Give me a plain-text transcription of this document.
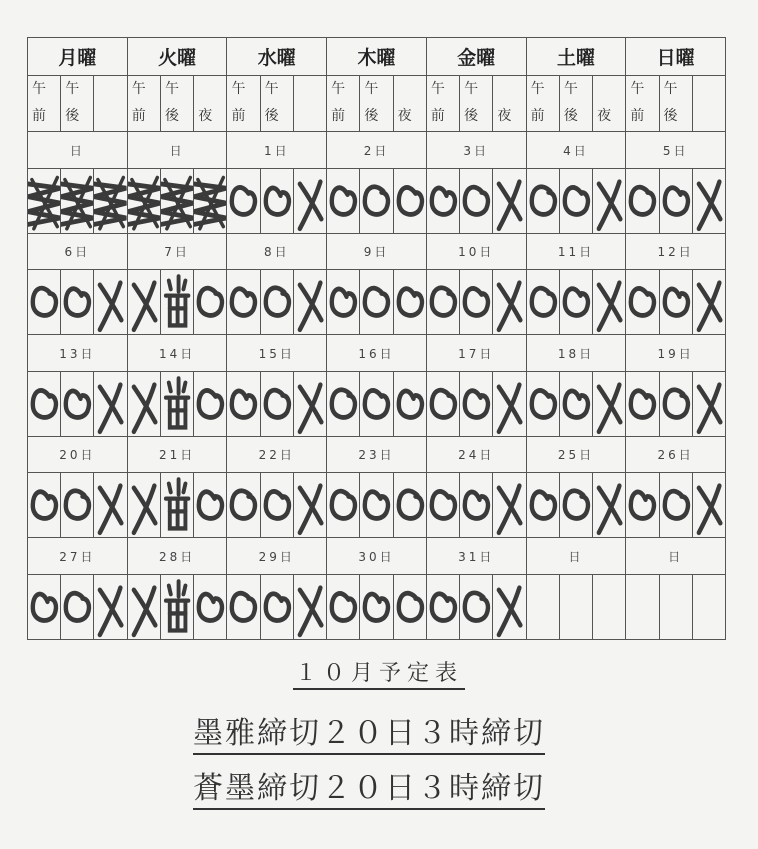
月曜			火曜			水曜			木曜			金曜			土曜			日曜		
午	午		午	午		午	午		午	午		午	午		午	午		午	午	
前	後		前	後	夜	前	後		前	後	夜	前	後	夜	前	後	夜	前	後	
日			日			1日			2日			3日			4日			5日		

6日			7日			8日			9日			10日			11日			12日		

13日			14日			15日			16日			17日			18日			19日		

20日			21日			22日			23日			24日			25日			26日		

27日			28日			29日			30日			31日			日			日		

１０月予定表
墨雅締切２０日３時締切
蒼墨締切２０日３時締切
